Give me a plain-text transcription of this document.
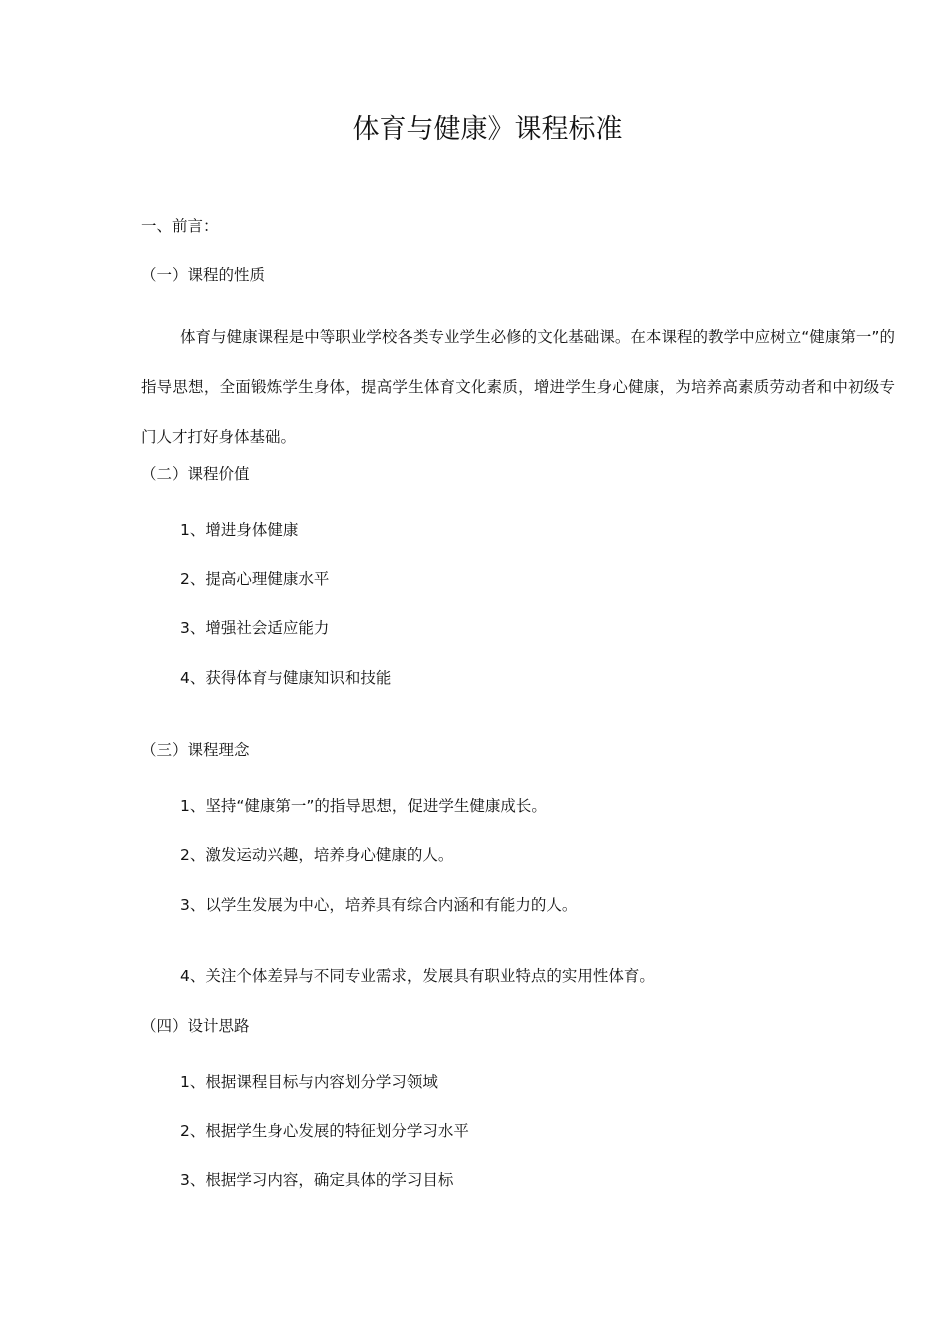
体育与健康》课程标准
一、前言：
（一）课程的性质

体育与健康课程是中等职业学校各类专业学生必修的文化基础课。在本课程的教学中应树立“健康第一”的指导思想，全面锻炼学生身体，提高学生体育文化素质，增进学生身心健康，为培养高素质劳动者和中初级专门人才打好身体基础。

（二）课程价值
1、增进身体健康
2、提高心理健康水平
3、增强社会适应能力
4、获得体育与健康知识和技能
（三）课程理念
1、坚持“健康第一”的指导思想，促进学生健康成长。
2、激发运动兴趣，培养身心健康的人。
3、以学生发展为中心，培养具有综合内涵和有能力的人。
4、关注个体差异与不同专业需求，发展具有职业特点的实用性体育。
（四）设计思路
1、根据课程目标与内容划分学习领域
2、根据学生身心发展的特征划分学习水平
3、根据学习内容，确定具体的学习目标
